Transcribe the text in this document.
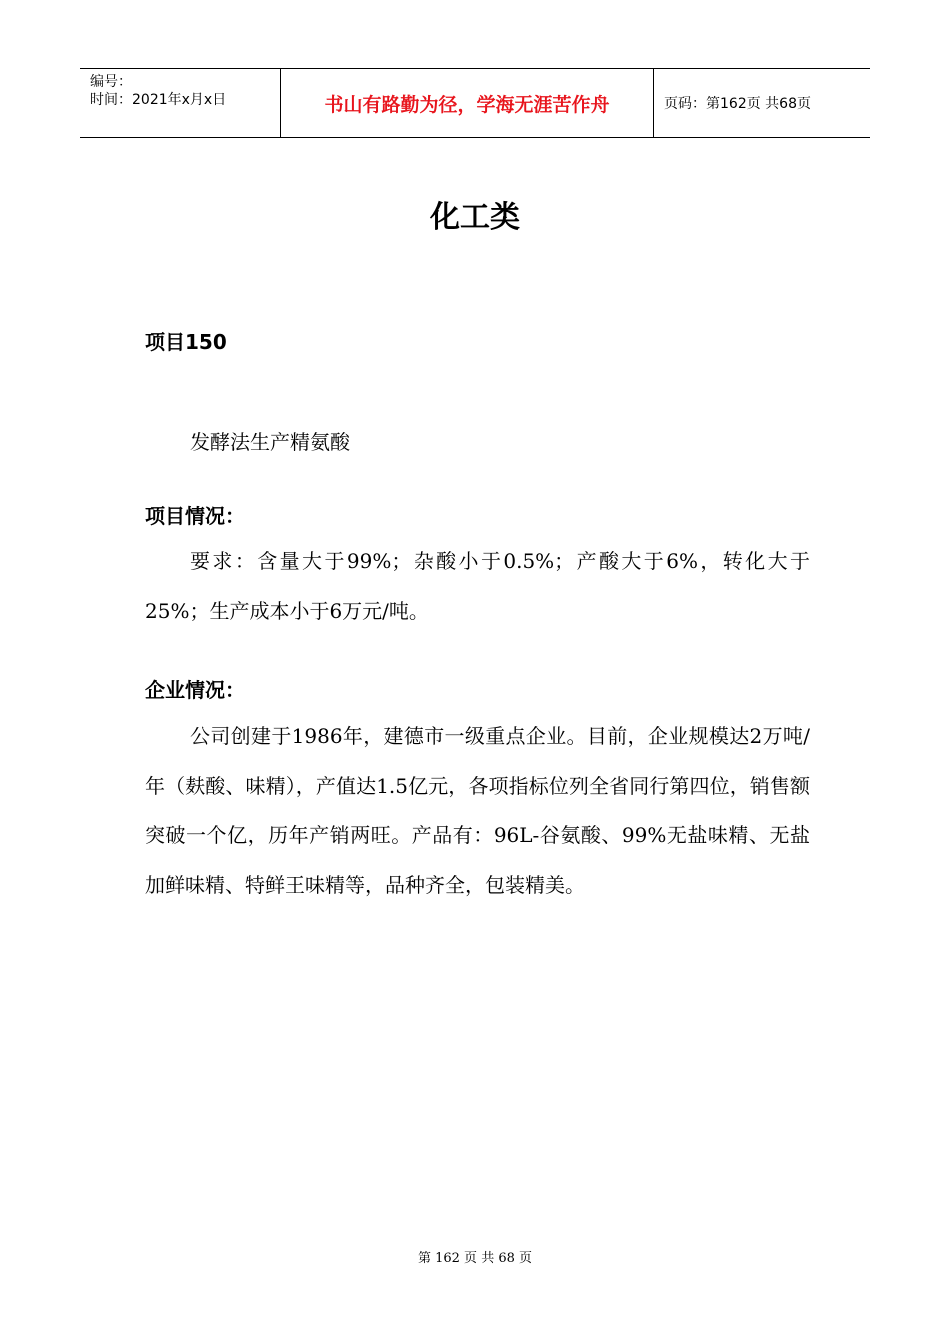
编号：
时间：2021年x月x日	书山有路勤为径，学海无涯苦作舟	页码：第162页 共68页
化工类
项目150
发酵法生产精氨酸
项目情况：
要求：含量大于99%；杂酸小于0.5%；产酸大于6%，转化大于25%；生产成本小于6万元/吨。
企业情况：
公司创建于1986年，建德市一级重点企业。目前，企业规模达2万吨/年（麸酸、味精），产值达1.5亿元，各项指标位列全省同行第四位，销售额突破一个亿，历年产销两旺。产品有：96L-谷氨酸、99%无盐味精、无盐加鲜味精、特鲜王味精等，品种齐全，包装精美。
第 162 页 共 68 页
